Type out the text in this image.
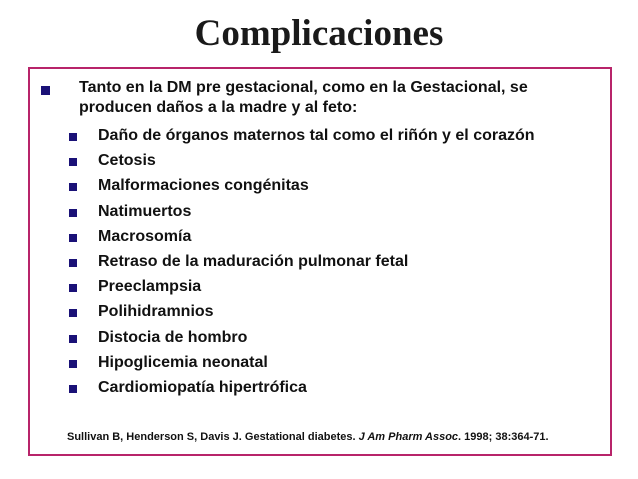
Complicaciones
Tanto en la DM pre gestacional, como en la Gestacional, se producen daños a la madre y al feto:
Daño de órganos maternos tal como el riñón y el corazón
Cetosis
Malformaciones congénitas
Natimuertos
Macrosomía
Retraso de la maduración pulmonar fetal
Preeclampsia
Polihidramnios
Distocia de hombro
Hipoglicemia neonatal
Cardiomiopatía hipertrófica
Sullivan B, Henderson S, Davis J. Gestational diabetes. J Am Pharm Assoc. 1998; 38:364-71.
